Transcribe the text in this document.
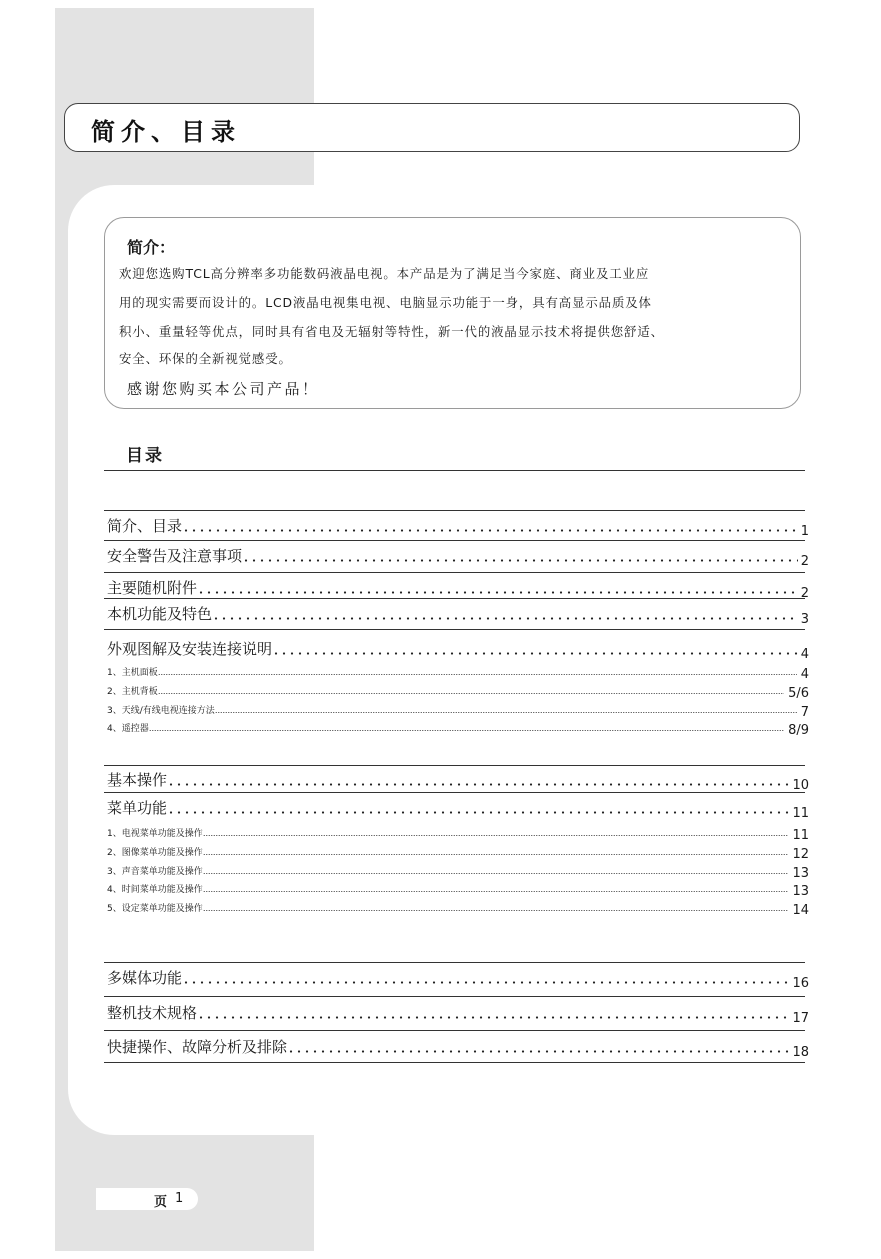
简介、目录
简介：
欢迎您选购TCL高分辨率多功能数码液晶电视。本产品是为了满足当今家庭、商业及工业应
用的现实需要而设计的。LCD液晶电视集电视、电脑显示功能于一身，具有高显示品质及体
积小、重量轻等优点，同时具有省电及无辐射等特性，新一代的液晶显示技术将提供您舒适、
安全、环保的全新视觉感受。
感谢您购买本公司产品！
目录
简介、目录	1
安全警告及注意事项	2
主要随机附件	2
本机功能及特色	3
外观图解及安装连接说明	4
1、主机面板	4
2、主机背板	5/6
3、天线/有线电视连接方法	7
4、遥控器	8/9
基本操作	10
菜单功能	11
1、电视菜单功能及操作	11
2、图像菜单功能及操作	12
3、声音菜单功能及操作	13
4、时间菜单功能及操作	13
5、设定菜单功能及操作	14
多媒体功能	16
整机技术规格	17
快捷操作、故障分析及排除	18
页 1
